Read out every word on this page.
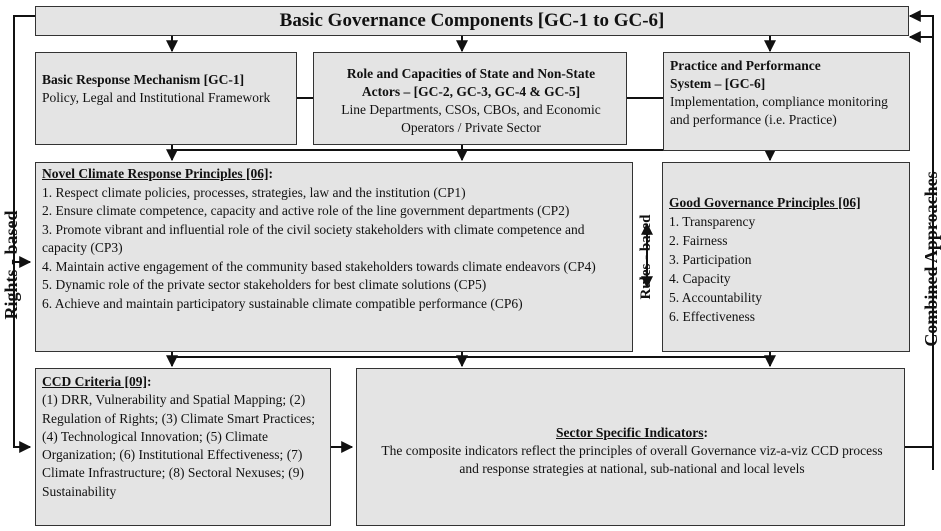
Basic Governance Components [GC-1 to GC-6]
Basic Response Mechanism [GC-1]
Policy, Legal and Institutional Framework
Role and Capacities of State and Non-State
Actors – [GC-2, GC-3, GC-4 & GC-5]
Line Departments, CSOs, CBOs, and Economic
Operators / Private Sector
Practice and Performance
System – [GC-6]
Implementation, compliance monitoring and performance (i.e. Practice)
Novel Climate Response Principles [06]:
1. Respect climate policies, processes, strategies, law and the institution (CP1)
2. Ensure climate competence, capacity and active role of the line government departments (CP2)
3. Promote vibrant and influential role of the civil society stakeholders with climate competence and capacity (CP3)
4. Maintain active engagement of the community based stakeholders towards climate endeavors (CP4)
5. Dynamic role of the private sector stakeholders for best climate solutions (CP5)
6. Achieve and maintain participatory sustainable climate compatible performance (CP6)
Rules - based
Good Governance Principles [06]
1. Transparency
2. Fairness
3. Participation
4. Capacity
5. Accountability
6. Effectiveness
CCD Criteria [09]:
(1) DRR, Vulnerability and Spatial Mapping; (2) Regulation of Rights; (3) Climate Smart Practices; (4) Technological Innovation; (5) Climate Organization; (6) Institutional Effectiveness; (7) Climate Infrastructure; (8) Sectoral Nexuses; (9) Sustainability
Sector Specific Indicators:
The composite indicators reflect the principles of overall Governance viz-a-viz CCD process and response strategies at national, sub-national and local levels
Rights - based	Combined Approaches
